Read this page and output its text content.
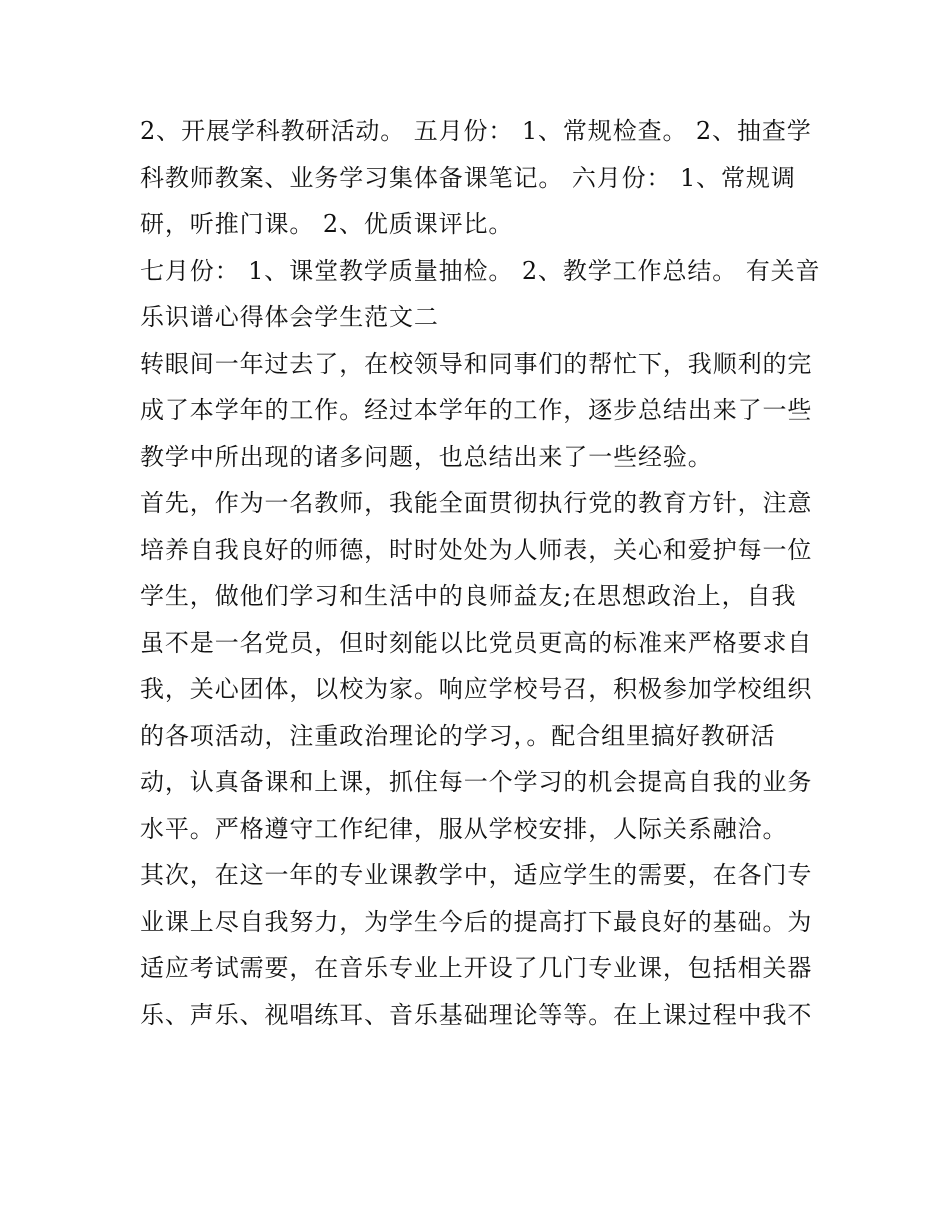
2、开展学科教研活动。 五月份： 1、常规检查。 2、抽查学
科教师教案、业务学习集体备课笔记。 六月份： 1、常规调
研，听推门课。 2、优质课评比。
七月份： 1、课堂教学质量抽检。 2、教学工作总结。 有关音
乐识谱心得体会学生范文二
转眼间一年过去了，在校领导和同事们的帮忙下，我顺利的完
成了本学年的工作。经过本学年的工作，逐步总结出来了一些
教学中所出现的诸多问题，也总结出来了一些经验。
首先，作为一名教师，我能全面贯彻执行党的教育方针，注意
培养自我良好的师德，时时处处为人师表，关心和爱护每一位
学生，做他们学习和生活中的良师益友;在思想政治上，自我
虽不是一名党员，但时刻能以比党员更高的标准来严格要求自
我，关心团体，以校为家。响应学校号召，积极参加学校组织
的各项活动，注重政治理论的学习，。配合组里搞好教研活
动，认真备课和上课，抓住每一个学习的机会提高自我的业务
水平。严格遵守工作纪律，服从学校安排，人际关系融洽。
其次，在这一年的专业课教学中，适应学生的需要，在各门专
业课上尽自我努力，为学生今后的提高打下最良好的基础。为
适应考试需要，在音乐专业上开设了几门专业课，包括相关器
乐、声乐、视唱练耳、音乐基础理论等等。在上课过程中我不
